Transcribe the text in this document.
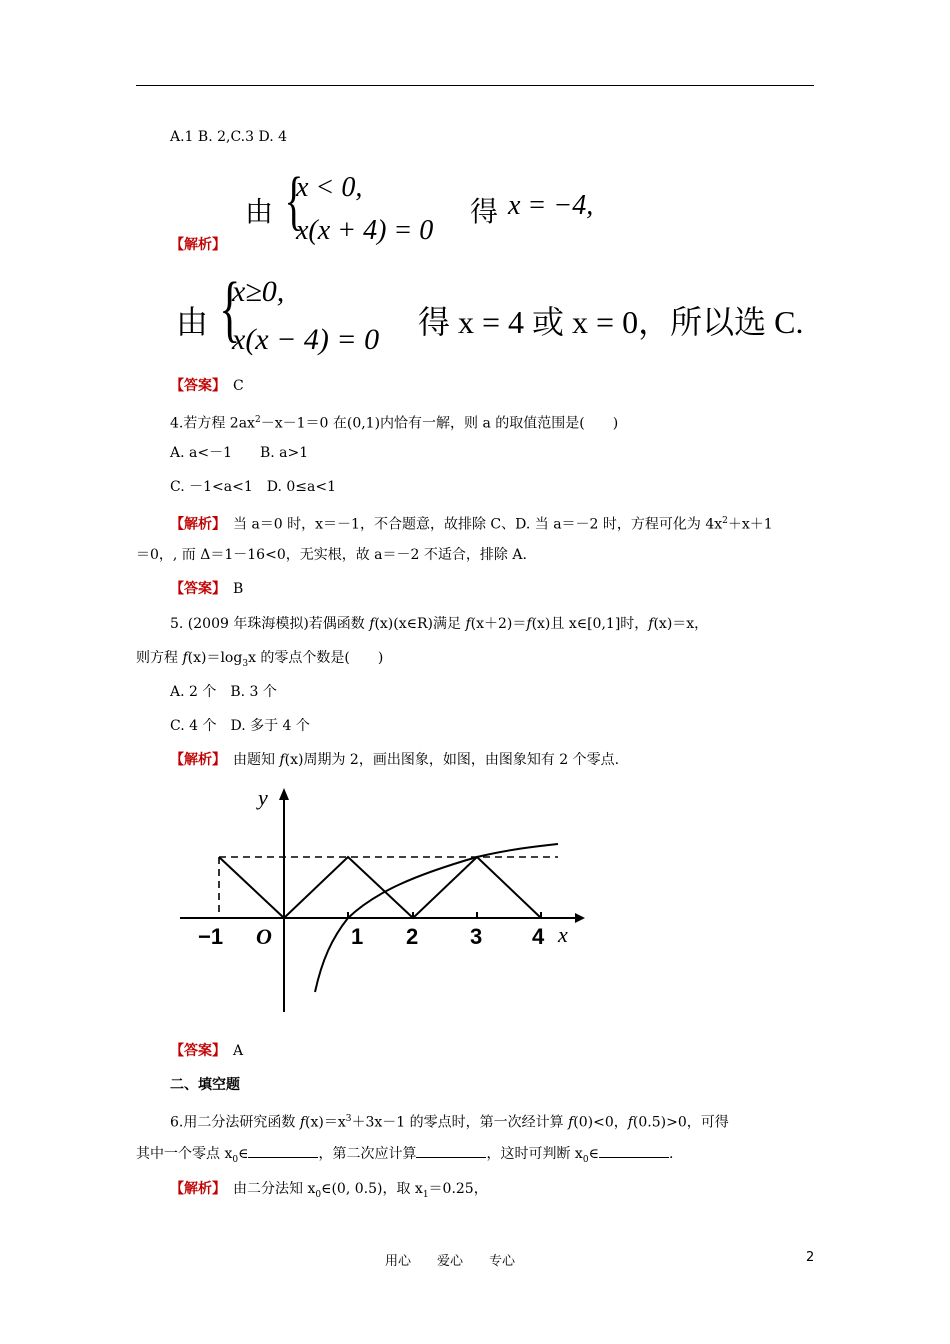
A.1 B. 2,C.3 D. 4
由 {
x < 0,
x(x + 4) = 0
得 x = −4,
【解析】
由 {
x≥0,
x(x − 4) = 0 得 x = 4 或 x = 0，所以选 C.
【答案】　 C
4.若方程 $2ax^2-x-1=0$ 在(0,1)内恰有一解，则 a 的取值范围是(　　)
A. a<－1　　B. a>1
C. －1<a<1　D. 0≤a<1
【解析】　当 a＝0 时，x＝－1，不合题意，故排除 C、D. 当 a＝－2 时，方程可化为 $4x^2+x+1$
＝0，, 而 Δ＝1－16<0，无实根，故 a＝－2 不适合，排除 A.
【答案】　 B
5. (2009 年珠海模拟)若偶函数 f(x)(x∈R)满足 f(x＋2)＝f(x)且 x∈[0,1]时，f(x)＝x，
则方程 $f(x)=\log_3x$ 的零点个数是(　　)
A. 2 个　B. 3 个
C. 4 个　D. 多于 4 个
【解析】　由题知 f(x)周期为 2，画出图象，如图，由图象知有 2 个零点.
y
x
O
−1	1 2 3 4
【答案】　 A
二、填空题
6.用二分法研究函数 $f(x)=x^3+3x-1$ 的零点时，第一次经计算 f(0)<0，f(0.5)>0，可得
其中一个零点 $x_0\in$	，第二次应计算	，这时可判断 $x_0\in$	.
【解析】　由二分法知 $x_0\in(0$, 0.5)，取 $x_1=0.25$，
用心　　爱心　　专心	2
